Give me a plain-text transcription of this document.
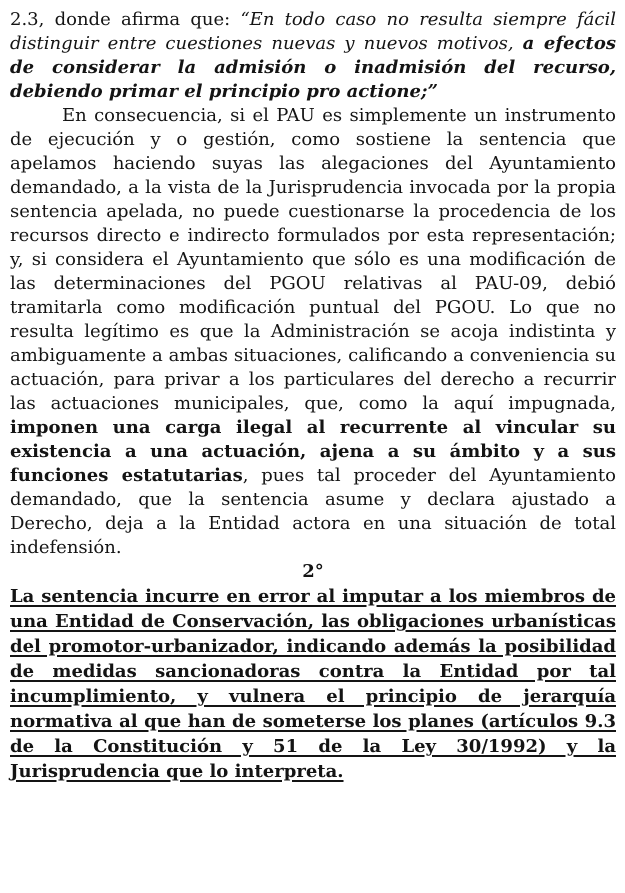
2.3, donde afirma que: “En todo caso no resulta siempre fácil distinguir entre cuestiones nuevas y nuevos motivos, a efectos de considerar la admisión o inadmisión del recurso, debiendo primar el principio pro actione;”

En consecuencia, si el PAU es simplemente un instrumento de ejecución y o gestión, como sostiene la sentencia que apelamos haciendo suyas las alegaciones del Ayuntamiento demandado, a la vista de la Jurisprudencia invocada por la propia sentencia apelada, no puede cuestionarse la procedencia de los recursos directo e indirecto formulados por esta representación; y, si considera el Ayuntamiento que sólo es una modificación de las determinaciones del PGOU relativas al PAU-09, debió tramitarla como modificación puntual del PGOU. Lo que no resulta legítimo es que la Administración se acoja indistinta y ambiguamente a ambas situaciones, calificando a conveniencia su actuación, para privar a los particulares del derecho a recurrir las actuaciones municipales, que, como la aquí impugnada, imponen una carga ilegal al recurrente al vincular su existencia a una actuación, ajena a su ámbito y a sus funciones estatutarias, pues tal proceder del Ayuntamiento demandado, que la sentencia asume y declara ajustado a Derecho, deja a la Entidad actora en una situación de total indefensión.

2°

La sentencia incurre en error al imputar a los miembros de una Entidad de Conservación, las obligaciones urbanísticas del promotor-urbanizador, indicando además la posibilidad de medidas sancionadoras contra la Entidad por tal incumplimiento, y vulnera el principio de jerarquía normativa al que han de someterse los planes (artículos 9.3 de la Constitución y 51 de la Ley 30/1992) y la Jurisprudencia que lo interpreta.
